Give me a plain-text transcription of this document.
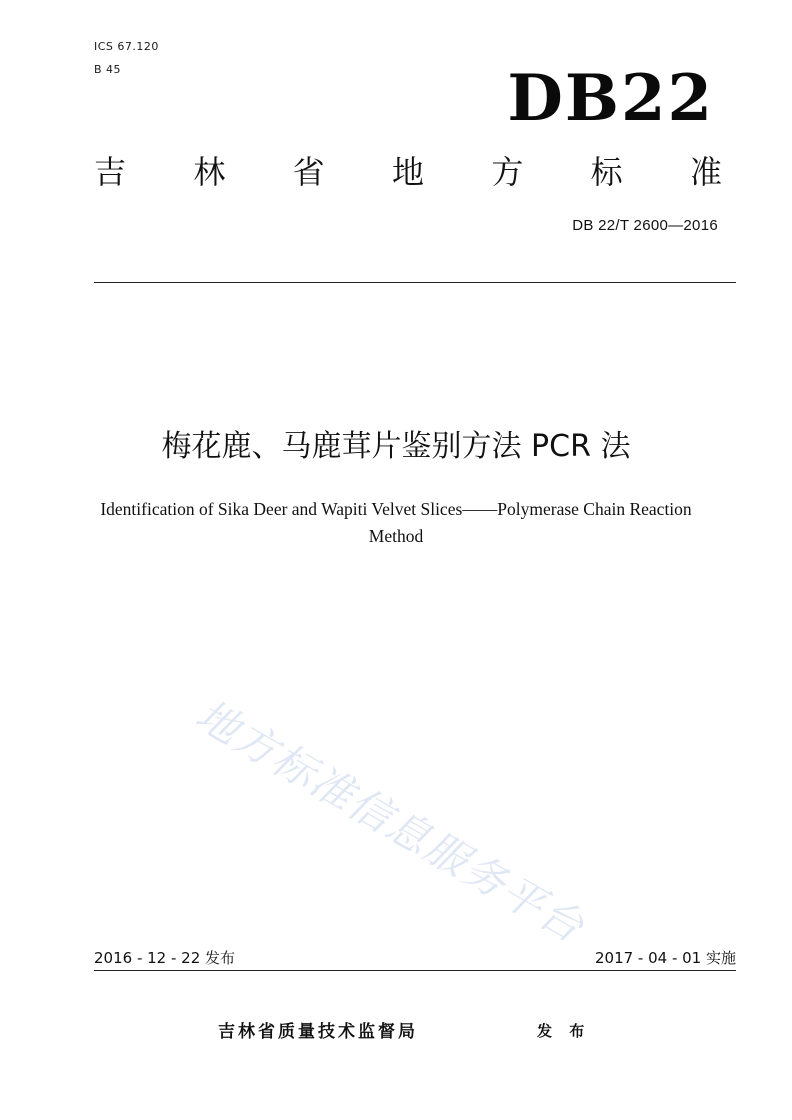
ICS 67.120
B 45	DB22
吉 林 省 地 方 标 准
DB 22/T 2600—2016
梅花鹿、马鹿茸片鉴别方法 PCR 法
Identification of Sika Deer and Wapiti Velvet Slices——Polymerase Chain Reaction
Method
地方标准信息服务平台
2016 - 12 - 22 发布	2017 - 04 - 01 实施
吉林省质量技术监督局	发 布
